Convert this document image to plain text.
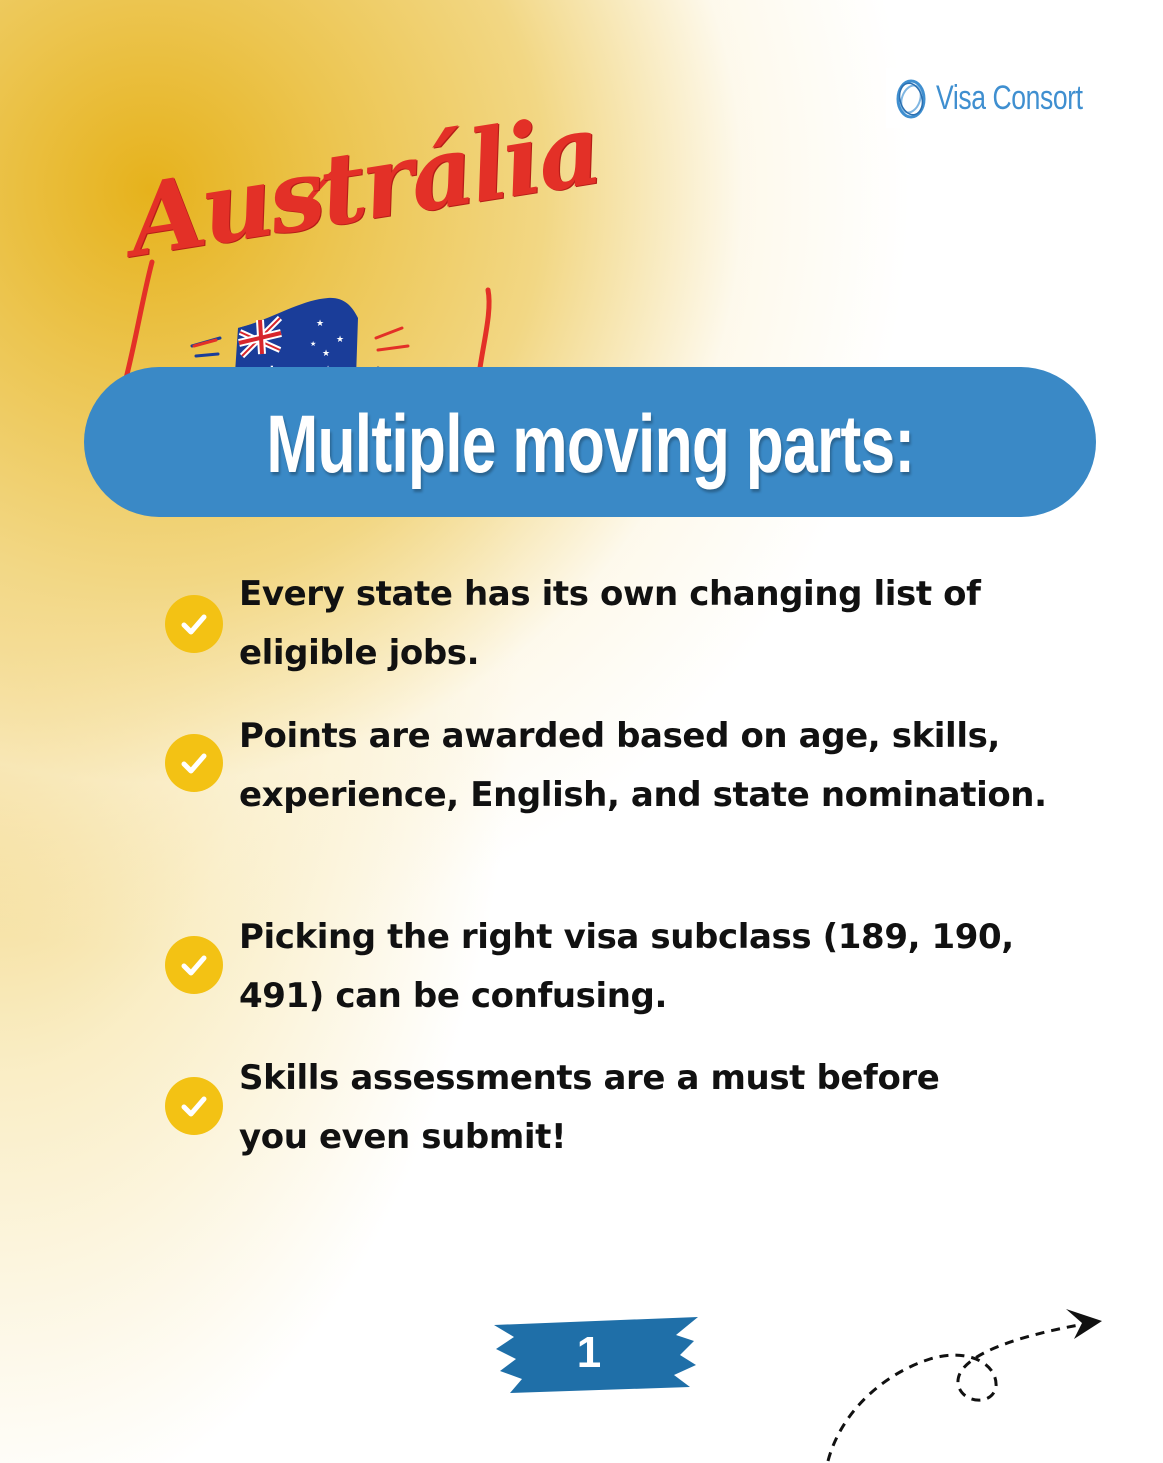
Visa Consort
★
★
★
★
Austrália
Multiple moving parts:
Every state has its own changing list of eligible jobs.
Points are awarded based on age, skills, experience, English, and state nomination.
Picking the right visa subclass (189, 190, 491) can be confusing.
Skills assessments are a must before you even submit!
1
